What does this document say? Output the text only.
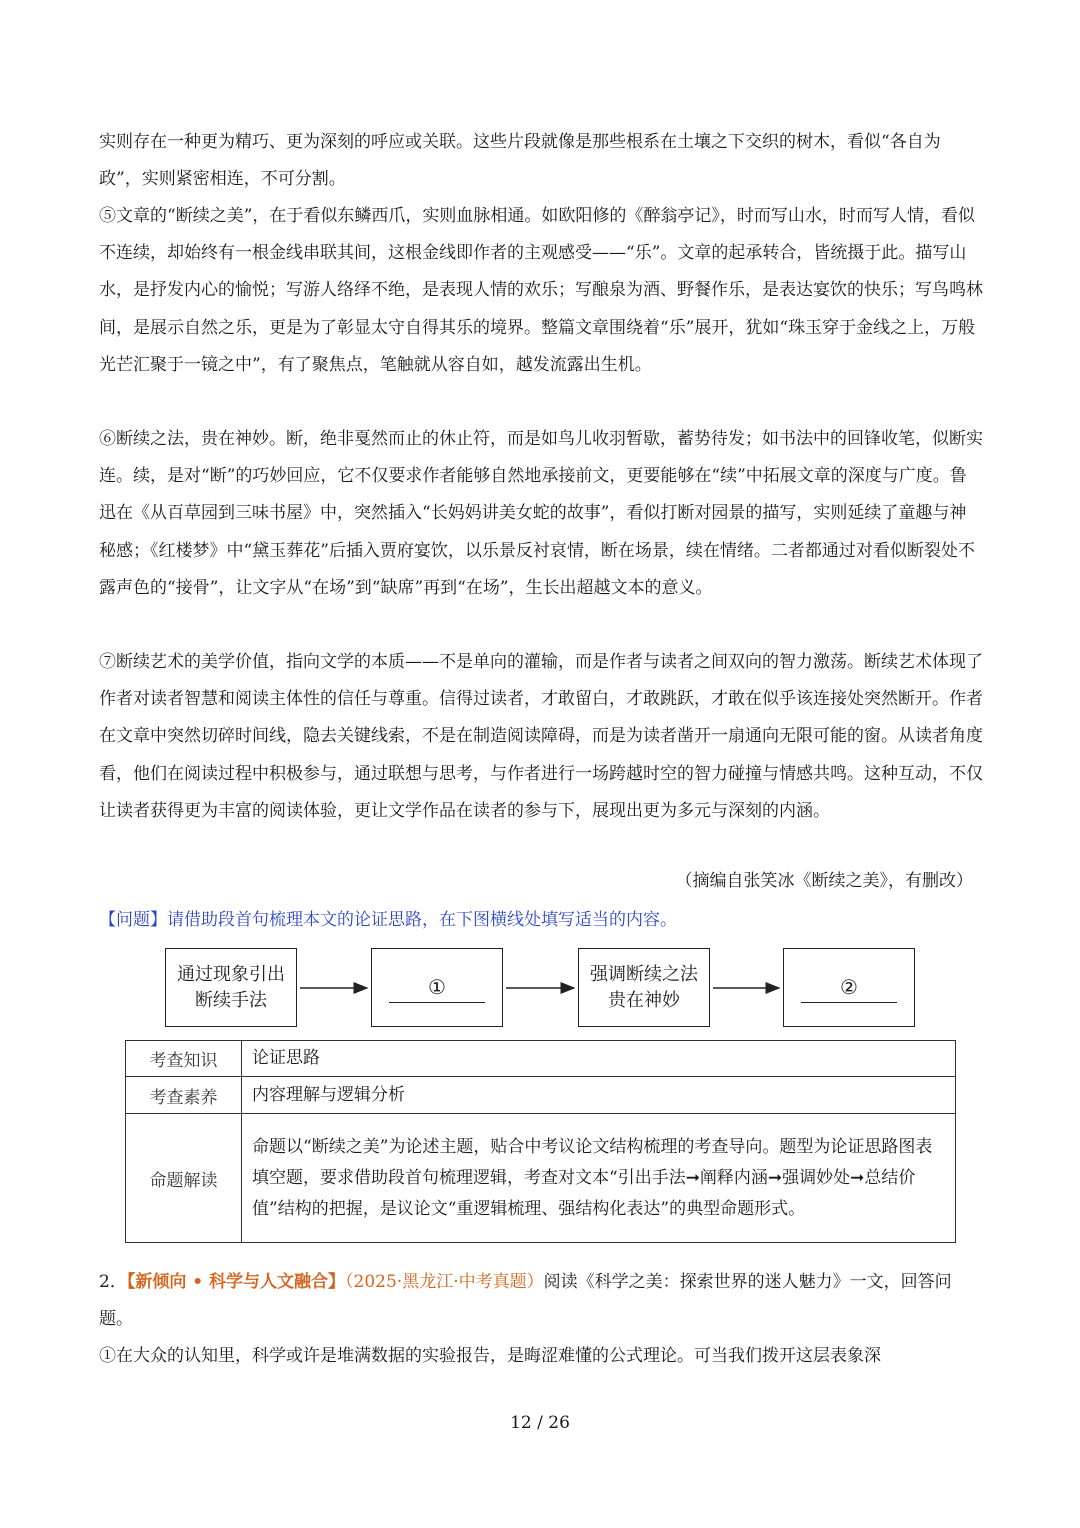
实则存在一种更为精巧、更为深刻的呼应或关联。这些片段就像是那些根系在土壤之下交织的树木，看似“各自为政”，实则紧密相连，不可分割。
⑤文章的“断续之美”，在于看似东鳞西爪，实则血脉相通。如欧阳修的《醉翁亭记》，时而写山水，时而写人情，看似不连续，却始终有一根金线串联其间，这根金线即作者的主观感受——“乐”。文章的起承转合，皆统摄于此。描写山水，是抒发内心的愉悦；写游人络绎不绝，是表现人情的欢乐；写酿泉为酒、野餐作乐，是表达宴饮的快乐；写鸟鸣林间，是展示自然之乐，更是为了彰显太守自得其乐的境界。整篇文章围绕着“乐”展开，犹如“珠玉穿于金线之上，万般光芒汇聚于一镜之中”，有了聚焦点，笔触就从容自如，越发流露出生机。
⑥断续之法，贵在神妙。断，绝非戛然而止的休止符，而是如鸟儿收羽暂歇，蓄势待发；如书法中的回锋收笔，似断实连。续，是对“断”的巧妙回应，它不仅要求作者能够自然地承接前文，更要能够在“续”中拓展文章的深度与广度。鲁迅在《从百草园到三味书屋》中，突然插入“长妈妈讲美女蛇的故事”，看似打断对园景的描写，实则延续了童趣与神秘感；《红楼梦》中“黛玉葬花”后插入贾府宴饮，以乐景反衬哀情，断在场景，续在情绪。二者都通过对看似断裂处不露声色的“接骨”，让文字从“在场”到“缺席”再到“在场”，生长出超越文本的意义。
⑦断续艺术的美学价值，指向文学的本质——不是单向的灌输，而是作者与读者之间双向的智力激荡。断续艺术体现了作者对读者智慧和阅读主体性的信任与尊重。信得过读者，才敢留白，才敢跳跃，才敢在似乎该连接处突然断开。作者在文章中突然切碎时间线，隐去关键线索，不是在制造阅读障碍，而是为读者凿开一扇通向无限可能的窗。从读者角度看，他们在阅读过程中积极参与，通过联想与思考，与作者进行一场跨越时空的智力碰撞与情感共鸣。这种互动，不仅让读者获得更为丰富的阅读体验，更让文学作品在读者的参与下，展现出更为多元与深刻的内涵。
（摘编自张笑冰《断续之美》，有删改）
【问题】请借助段首句梳理本文的论证思路，在下图横线处填写适当的内容。
通过现象引出断续手法
①
强调断续之法贵在神妙
②
考查知识	论证思路
考查素养	内容理解与逻辑分析
命题解读	命题以“断续之美”为论述主题，贴合中考议论文结构梳理的考查导向。题型为论证思路图表填空题，要求借助段首句梳理逻辑，考查对文本“引出手法➞阐释内涵➞强调妙处➞总结价值”结构的把握，是议论文“重逻辑梳理、强结构化表达”的典型命题形式。
2．【新倾向 • 科学与人文融合】（2025·黑龙江·中考真题）阅读《科学之美：探索世界的迷人魅力》一文，回答问题。
①在大众的认知里，科学或许是堆满数据的实验报告，是晦涩难懂的公式理论。可当我们拨开这层表象深
12 / 26
